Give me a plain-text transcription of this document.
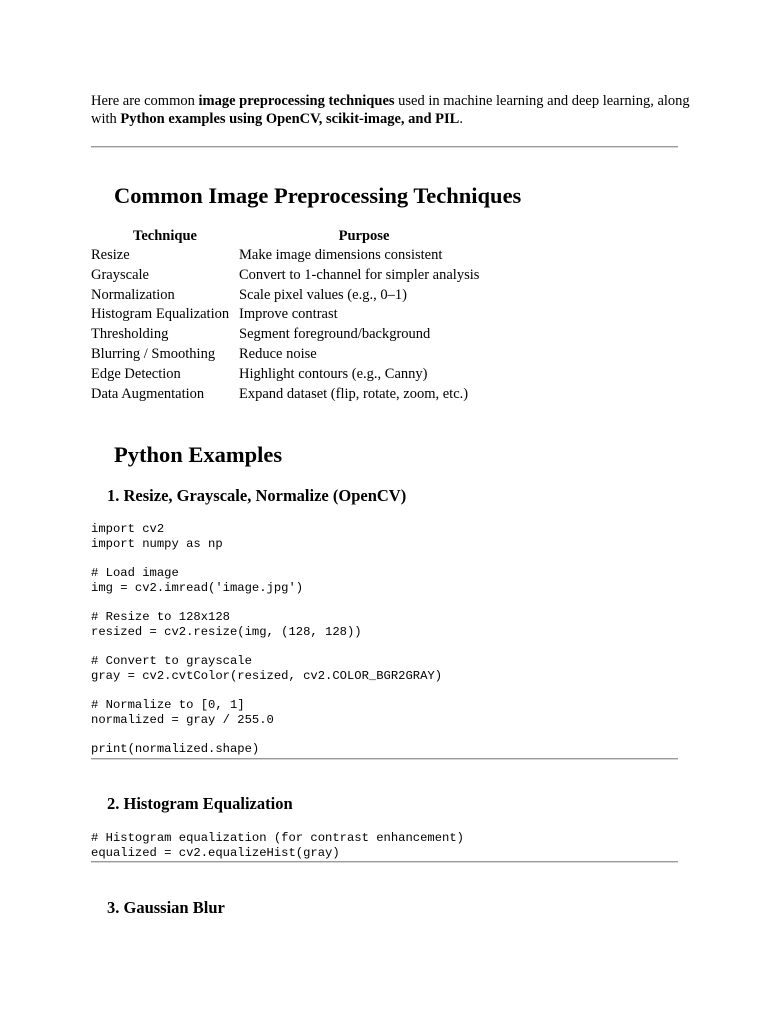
Here are common image preprocessing techniques used in machine learning and deep learning, along with Python examples using OpenCV, scikit-image, and PIL.

Common Image Preprocessing Techniques
Technique	Purpose
Resize	Make image dimensions consistent
Grayscale	Convert to 1-channel for simpler analysis
Normalization	Scale pixel values (e.g., 0–1)
Histogram Equalization	Improve contrast
Thresholding	Segment foreground/background
Blurring / Smoothing	Reduce noise
Edge Detection	Highlight contours (e.g., Canny)
Data Augmentation	Expand dataset (flip, rotate, zoom, etc.)
Python Examples
1. Resize, Grayscale, Normalize (OpenCV)
import cv2
import numpy as np

# Load image
img = cv2.imread('image.jpg')

# Resize to 128x128
resized = cv2.resize(img, (128, 128))

# Convert to grayscale
gray = cv2.cvtColor(resized, cv2.COLOR_BGR2GRAY)

# Normalize to [0, 1]
normalized = gray / 255.0

print(normalized.shape)
2. Histogram Equalization
# Histogram equalization (for contrast enhancement)
equalized = cv2.equalizeHist(gray)
3. Gaussian Blur
